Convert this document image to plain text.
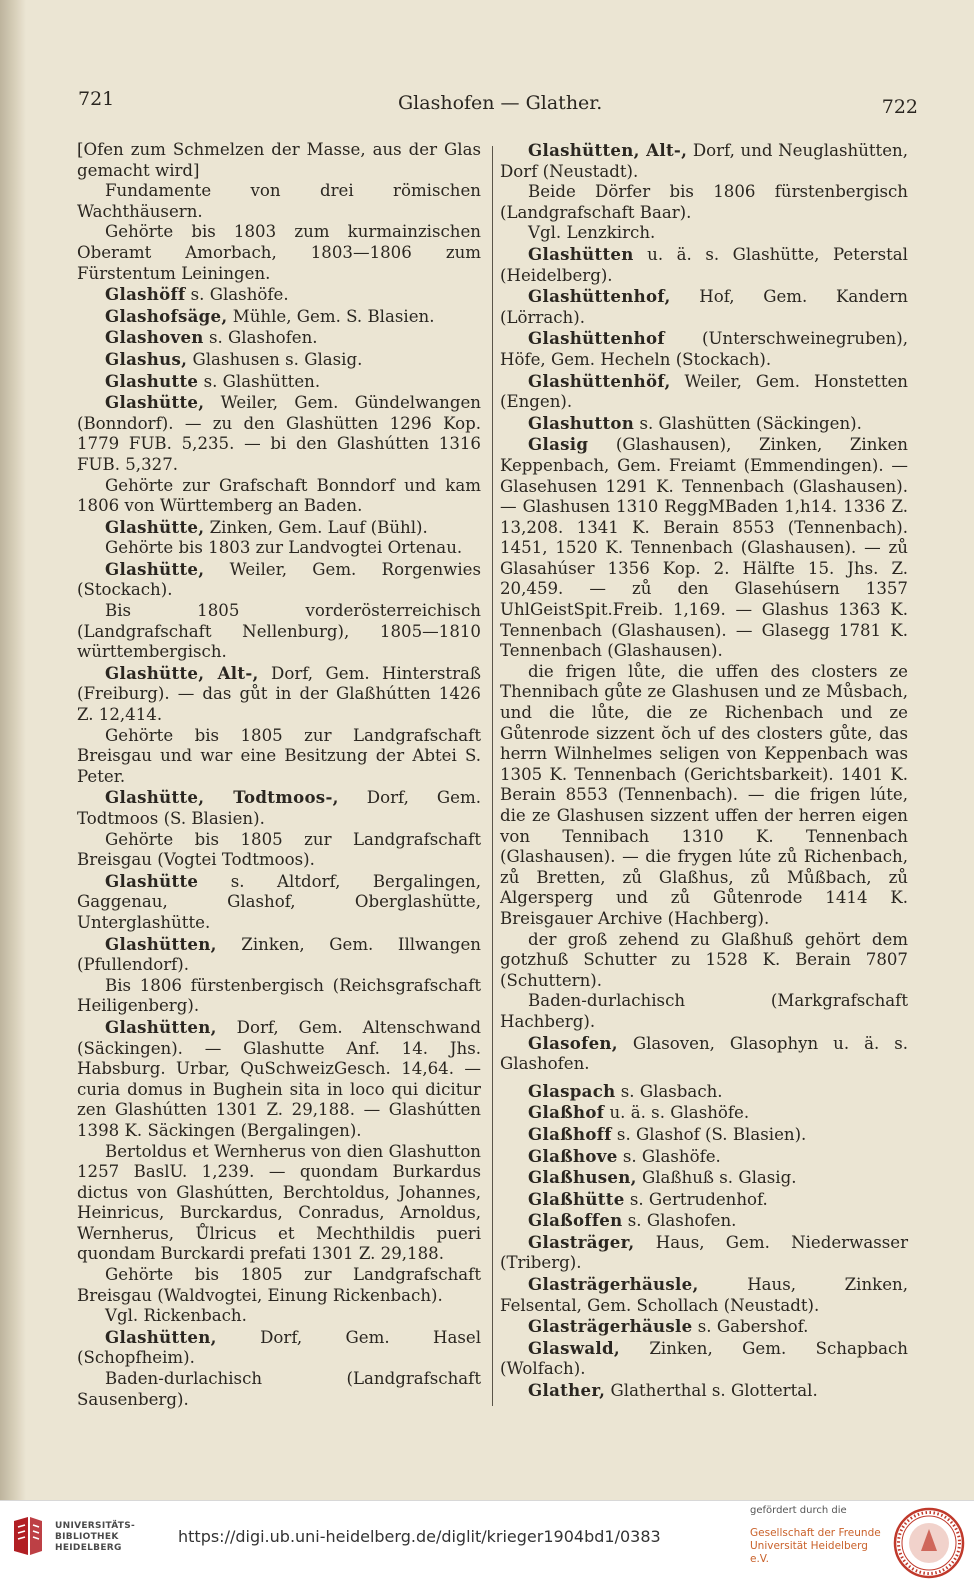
721	Glashofen — Glather.	722

[Ofen zum Schmelzen der Masse, aus der Glas gemacht wird]

Fundamente von drei römischen Wachthäusern.

Gehörte bis 1803 zum kurmainzischen Oberamt Amorbach, 1803—1806 zum Fürstentum Leiningen.

Glashöff s. Glashöfe.

Glashofsäge, Mühle, Gem. S. Blasien.

Glashoven s. Glashofen.

Glashus, Glashusen s. Glasig.

Glashutte s. Glashütten.

Glashütte, Weiler, Gem. Gündelwangen (Bonndorf). — zu den Glashütten 1296 Kop. 1779 FUB. 5,235. — bi den Glashútten 1316 FUB. 5,327.

Gehörte zur Grafschaft Bonndorf und kam 1806 von Württemberg an Baden.

Glashütte, Zinken, Gem. Lauf (Bühl).

Gehörte bis 1803 zur Landvogtei Ortenau.

Glashütte, Weiler, Gem. Rorgenwies (Stockach).

Bis 1805 vorderösterreichisch (Landgrafschaft Nellenburg), 1805—1810 württembergisch.

Glashütte, Alt-, Dorf, Gem. Hinterstraß (Freiburg). — das gůt in der Glaßhútten 1426 Z. 12,414.

Gehörte bis 1805 zur Landgrafschaft Breisgau und war eine Besitzung der Abtei S. Peter.

Glashütte, Todtmoos-, Dorf, Gem. Todtmoos (S. Blasien).

Gehörte bis 1805 zur Landgrafschaft Breisgau (Vogtei Todtmoos).

Glashütte s. Altdorf, Bergalingen, Gaggenau, Glashof, Oberglashütte, Unterglashütte.

Glashütten, Zinken, Gem. Illwangen (Pfullendorf).

Bis 1806 fürstenbergisch (Reichsgrafschaft Heiligenberg).

Glashütten, Dorf, Gem. Altenschwand (Säckingen). — Glashutte Anf. 14. Jhs. Habsburg. Urbar, QuSchweizGesch. 14,64. — curia domus in Bughein sita in loco qui dicitur zen Glashútten 1301 Z. 29,188. — Glashútten 1398 K. Säckingen (Bergalingen).

Bertoldus et Wernherus von dien Glashutton 1257 BaslU. 1,239. — quondam Burkardus dictus von Glashútten, Berchtoldus, Johannes, Heinricus, Burckardus, Conradus, Arnoldus, Wernherus, Ůlricus et Mechthildis pueri quondam Burckardi prefati 1301 Z. 29,188.

Gehörte bis 1805 zur Landgrafschaft Breisgau (Waldvogtei, Einung Rickenbach).

Vgl. Rickenbach.

Glashütten, Dorf, Gem. Hasel (Schopfheim).

Baden-durlachisch (Landgrafschaft Sausenberg).

Glashütten, Alt-, Dorf, und Neuglashütten, Dorf (Neustadt).

Beide Dörfer bis 1806 fürstenbergisch (Landgrafschaft Baar).

Vgl. Lenzkirch.

Glashütten u. ä. s. Glashütte, Peterstal (Heidelberg).

Glashüttenhof, Hof, Gem. Kandern (Lörrach).

Glashüttenhof (Unterschweinegruben), Höfe, Gem. Hecheln (Stockach).

Glashüttenhöf, Weiler, Gem. Honstetten (Engen).

Glashutton s. Glashütten (Säckingen).

Glasig (Glashausen), Zinken, Zinken Keppenbach, Gem. Freiamt (Emmendingen). — Glasehusen 1291 K. Tennenbach (Glashausen). — Glashusen 1310 ReggMBaden 1,h14. 1336 Z. 13,208. 1341 K. Berain 8553 (Tennenbach). 1451, 1520 K. Tennenbach (Glashausen). — zů Glasahúser 1356 Kop. 2. Hälfte 15. Jhs. Z. 20,459. — zů den Glasehúsern 1357 UhlGeistSpit.Freib. 1,169. — Glashus 1363 K. Tennenbach (Glashausen). — Glasegg 1781 K. Tennenbach (Glashausen).

die frigen lůte, die uffen des closters ze Thennibach gůte ze Glashusen und ze Můsbach, und die lůte, die ze Richenbach und ze Gůtenrode sizzent ŏch uf des closters gůte, das herrn Wilnhelmes seligen von Keppenbach was 1305 K. Tennenbach (Gerichtsbarkeit). 1401 K. Berain 8553 (Tennenbach). — die frigen lúte, die ze Glashusen sizzent uffen der herren eigen von Tennibach 1310 K. Tennenbach (Glashausen). — die frygen lúte zů Richenbach, zů Bretten, zů Glaßhus, zů Můßbach, zů Algersperg und zů Gůtenrode 1414 K. Breisgauer Archive (Hachberg).

der groß zehend zu Glaßhuß gehört dem gotzhuß Schutter zu 1528 K. Berain 7807 (Schuttern).

Baden-durlachisch (Markgrafschaft Hachberg).

Glasofen, Glasoven, Glasophyn u. ä. s. Glashofen.

Glaspach s. Glasbach.

Glaßhof u. ä. s. Glashöfe.

Glaßhoff s. Glashof (S. Blasien).

Glaßhove s. Glashöfe.

Glaßhusen, Glaßhuß s. Glasig.

Glaßhütte s. Gertrudenhof.

Glaßoffen s. Glashofen.

Glasträger, Haus, Gem. Niederwasser (Triberg).

Glasträgerhäusle, Haus, Zinken, Felsental, Gem. Schollach (Neustadt).

Glasträgerhäusle s. Gabershof.

Glaswald, Zinken, Gem. Schapbach (Wolfach).

Glather, Glatherthal s. Glottertal.

UNIVERSITÄTS-
BIBLIOTHEK
HEIDELBERG
https://digi.ub.uni-heidelberg.de/diglit/krieger1904bd1/0383
gefördert durch die
Gesellschaft der Freunde
Universität Heidelberg e.V.
